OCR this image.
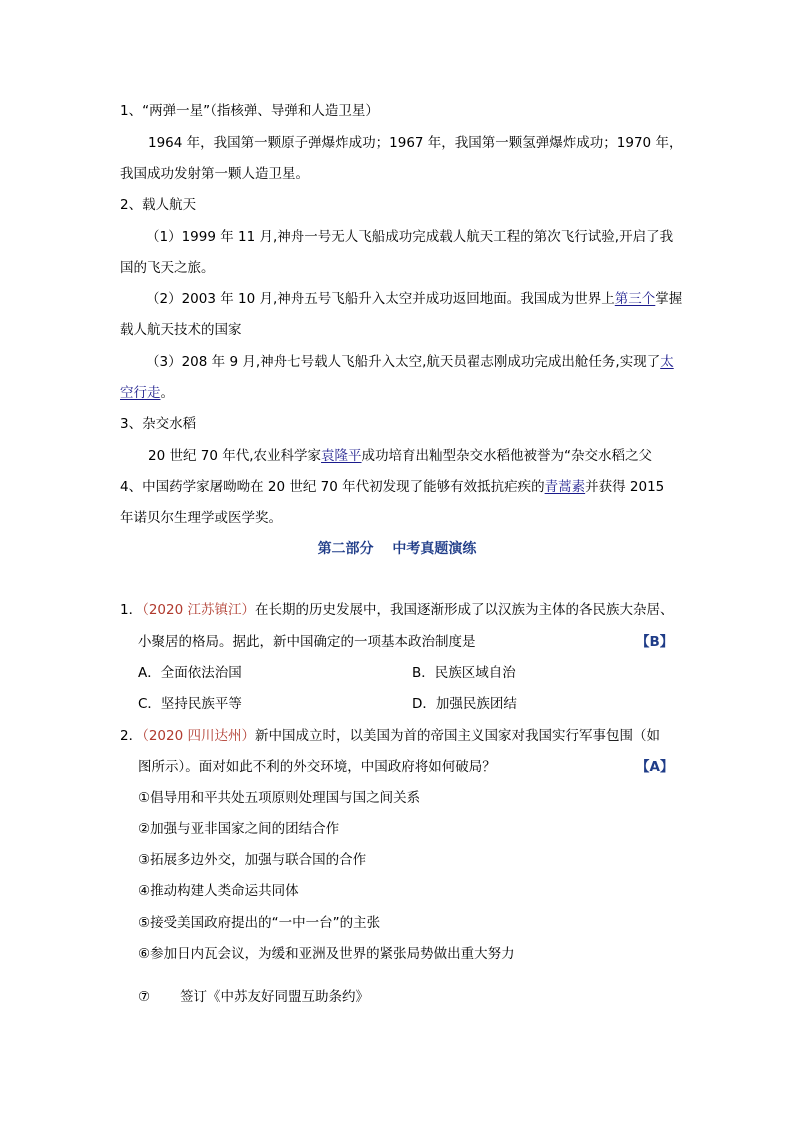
1、“两弹一星”（指核弹、导弹和人造卫星）
1964 年，我国第一颗原子弹爆炸成功；1967 年，我国第一颗氢弹爆炸成功；1970 年，
我国成功发射第一颗人造卫星。
2、载人航天
（1）1999 年 11 月,神舟一号无人飞船成功完成载人航天工程的第次飞行试验,开启了我
国的飞天之旅。
（2）2003 年 10 月,神舟五号飞船升入太空并成功返回地面。我国成为世界上第三个掌握
载人航天技术的国家
（3）208 年 9 月,神舟七号载人飞船升入太空,航天员翟志刚成功完成出舱任务,实现了太
空行走。
3、杂交水稻
20 世纪 70 年代,农业科学家袁隆平成功培育出籼型杂交水稻他被誉为“杂交水稻之父
4、中国药学家屠呦呦在 20 世纪 70 年代初发现了能够有效抵抗疟疾的青蒿素并获得 2015
年诺贝尔生理学或医学奖。
第二部分　 中考真题演练
1．（2020 江苏镇江）在长期的历史发展中，我国逐渐形成了以汉族为主体的各民族大杂居、
小聚居的格局。据此，新中国确定的一项基本政治制度是	【B】
A．全面依法治国	B．民族区域自治
C．坚持民族平等	D．加强民族团结
2．（2020 四川达州）新中国成立时，以美国为首的帝国主义国家对我国实行军事包围（如
图所示）。面对如此不利的外交环境，中国政府将如何破局？	【A】
①倡导用和平共处五项原则处理国与国之间关系
②加强与亚非国家之间的团结合作
③拓展多边外交，加强与联合国的合作
④推动构建人类命运共同体
⑤接受美国政府提出的“一中一台”的主张
⑥参加日内瓦会议，为缓和亚洲及世界的紧张局势做出重大努力
⑦ 签订《中苏友好同盟互助条约》
